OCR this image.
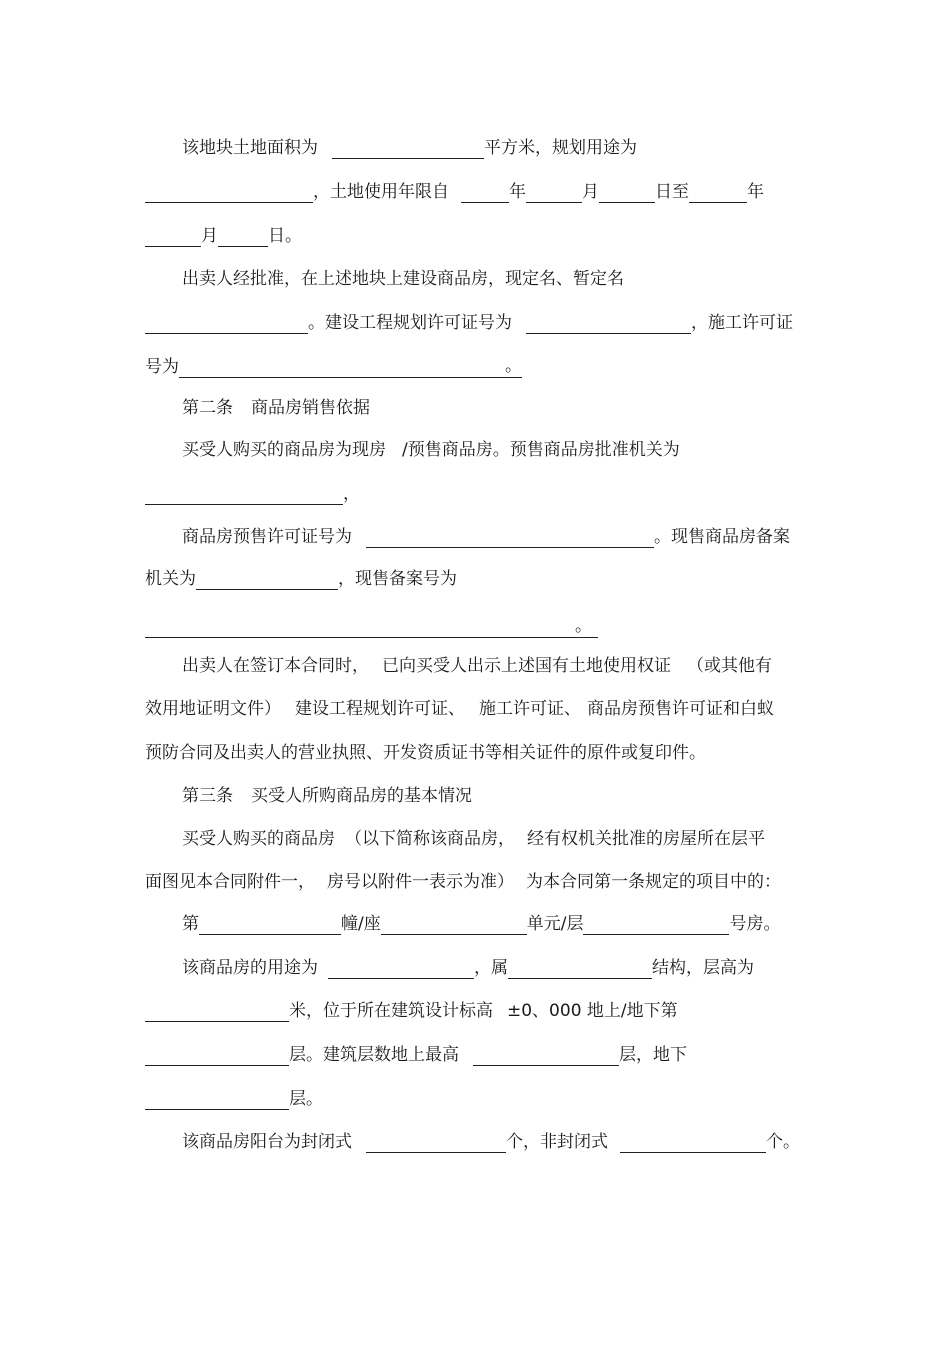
该地块土地面积为	平方米，规划用途为
，土地使用年限自	年	月	日至	年
月	日。
出卖人经批准，在上述地块上建设商品房，现定名、暂定名
。建设工程规划许可证号为	，施工许可证
号为	。
第二条 商品房销售依据
买受人购买的商品房为现房 /预售商品房。预售商品房批准机关为
，
商品房预售许可证号为	。现售商品房备案
机关为	，现售备案号为
。
出卖人在签订本合同时， 已向买受人出示上述国有土地使用权证 （或其他有
效用地证明文件） 建设工程规划许可证、 施工许可证、 商品房预售许可证和白蚁
预防合同及出卖人的营业执照、开发资质证书等相关证件的原件或复印件。
第三条 买受人所购商品房的基本情况
买受人购买的商品房 （以下简称该商品房， 经有权机关批准的房屋所在层平
面图见本合同附件一， 房号以附件一表示为准） 为本合同第一条规定的项目中的：
第	幢/座	单元/层	号房。
该商品房的用途为	，属	结构，层高为
米，位于所在建筑设计标高 ±0、000 地上/地下第
层。建筑层数地上最高	层，地下
层。
该商品房阳台为封闭式	个，非封闭式	个。
